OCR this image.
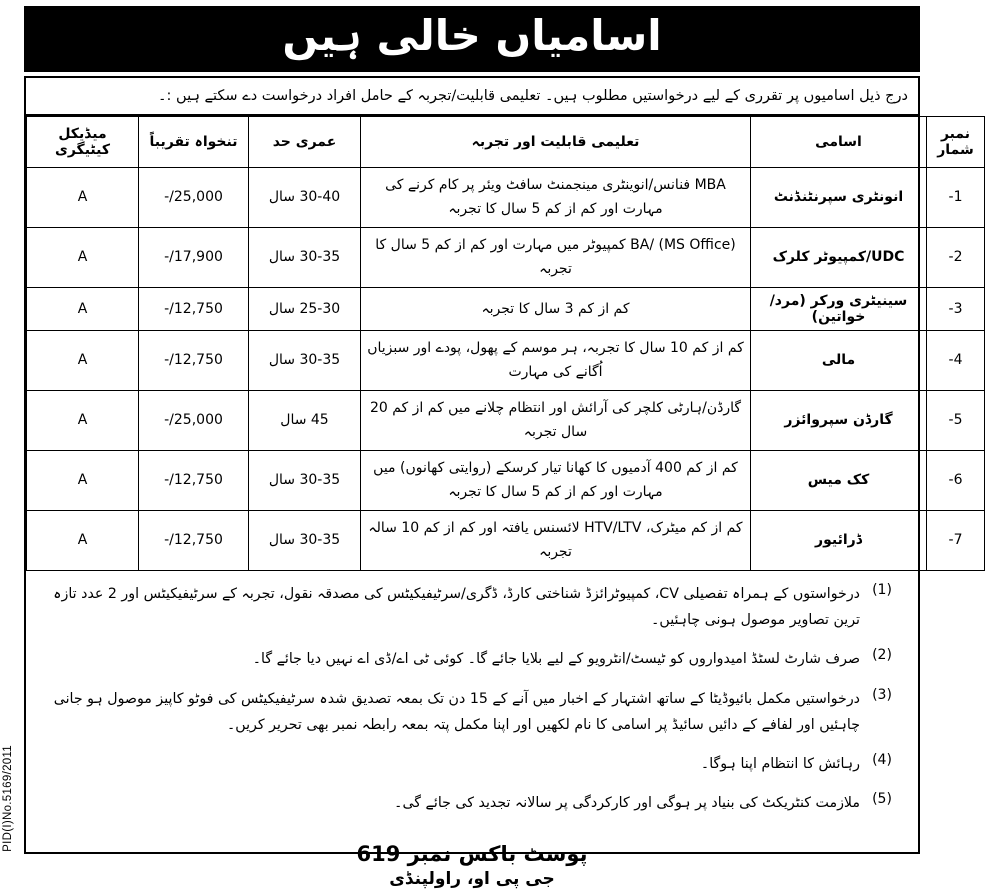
اسامیاں خالی ہیں
درج ذیل اسامیوں پر تقرری کے لیے درخواستیں مطلوب ہیں۔ تعلیمی قابلیت/تجربہ کے حامل افراد درخواست دے سکتے ہیں :۔
نمبر شمار	اسامی	تعلیمی قابلیت اور تجربہ	عمری حد	تنخواہ تقریباً	میڈیکل کیٹیگری
1-	انونٹری سپرنٹنڈنٹ	MBA فنانس/انوینٹری مینجمنٹ سافٹ ویئر پر کام کرنے کی مہارت اور کم از کم 5 سال کا تجربہ	30-40 سال	25,000/-	A
2-	UDC/کمپیوٹر کلرک	BA/ (MS Office) کمپیوٹر میں مہارت اور کم از کم 5 سال کا تجربہ	30-35 سال	17,900/-	A
3-	سینیٹری ورکر (مرد/خواتین)	کم از کم 3 سال کا تجربہ	25-30 سال	12,750/-	A
4-	مالی	کم از کم 10 سال کا تجربہ، ہر موسم کے پھول، پودے اور سبزیاں اُگانے کی مہارت	30-35 سال	12,750/-	A
5-	گارڈن سپروائزر	گارڈن/ہارٹی کلچر کی آرائش اور انتظام چلانے میں کم از کم 20 سال تجربہ	45 سال	25,000/-	A
6-	کک میس	کم از کم 400 آدمیوں کا کھانا تیار کرسکے (روایتی کھانوں) میں مہارت اور کم از کم 5 سال کا تجربہ	30-35 سال	12,750/-	A
7-	ڈرائیور	کم از کم میٹرک، HTV/LTV لائسنس یافتہ اور کم از کم 10 سالہ تجربہ	30-35 سال	12,750/-	A
(1)
درخواستوں کے ہمراہ تفصیلی CV، کمپیوٹرائزڈ شناختی کارڈ، ڈگری/سرٹیفیکیٹس کی مصدقہ نقول، تجربہ کے سرٹیفیکیٹس اور 2 عدد تازہ ترین تصاویر موصول ہونی چاہئیں۔
(2)
صرف شارٹ لسٹڈ امیدواروں کو ٹیسٹ/انٹرویو کے لیے بلایا جائے گا۔ کوئی ٹی اے/ڈی اے نہیں دیا جائے گا۔
(3)
درخواستیں مکمل بائیوڈیٹا کے ساتھ اشتہار کے اخبار میں آنے کے 15 دن تک بمعہ تصدیق شدہ سرٹیفیکیٹس کی فوٹو کاپیز موصول ہو جانی چاہئیں اور لفافے کے دائیں سائیڈ پر اسامی کا نام لکھیں اور اپنا مکمل پتہ بمعہ رابطہ نمبر بھی تحریر کریں۔
(4)
رہائش کا انتظام اپنا ہوگا۔
(5)
ملازمت کنٹریکٹ کی بنیاد پر ہوگی اور کارکردگی پر سالانہ تجدید کی جائے گی۔
پوسٹ باکس نمبر 619
جی پی او، راولپنڈی
PID(I)No.5169/2011
